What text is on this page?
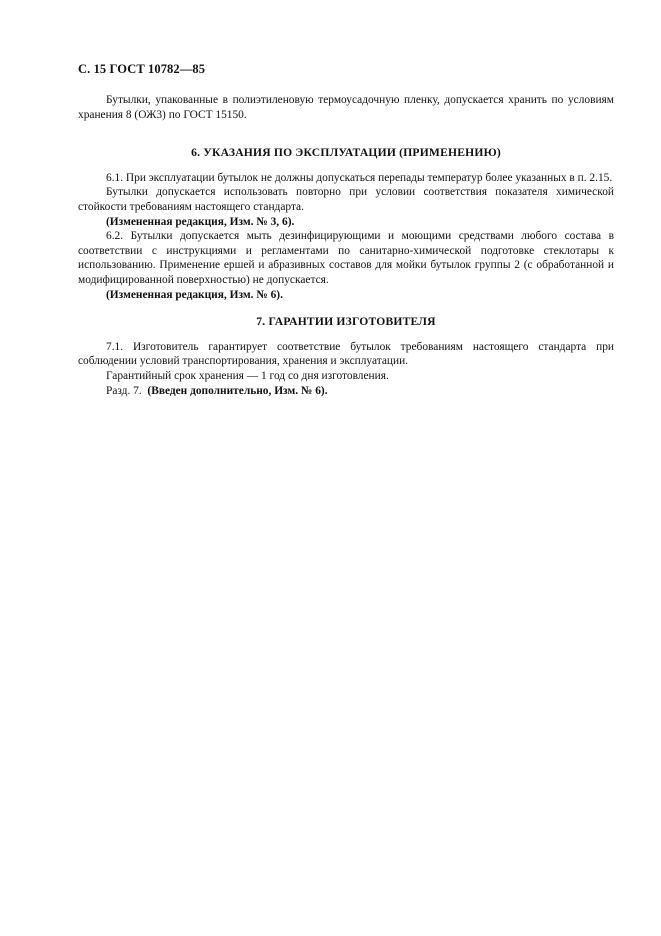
С. 15 ГОСТ 10782—85

Бутылки, упакованные в полиэтиленовую термоусадочную пленку, допускается хранить по условиям хранения 8 (ОЖ3) по ГОСТ 15150.

6. УКАЗАНИЯ ПО ЭКСПЛУАТАЦИИ (ПРИМЕНЕНИЮ)

6.1. При эксплуатации бутылок не должны допускаться перепады температур более указанных в п. 2.15.

Бутылки допускается использовать повторно при условии соответствия показателя химической стойкости требованиям настоящего стандарта.

(Измененная редакция, Изм. № 3, 6).

6.2. Бутылки допускается мыть дезинфицирующими и моющими средствами любого состава в соответствии с инструкциями и регламентами по санитарно-химической подготовке стеклотары к использованию. Применение ершей и абразивных составов для мойки бутылок группы 2 (с обработанной и модифицированной поверхностью) не допускается.

(Измененная редакция, Изм. № 6).

7. ГАРАНТИИ ИЗГОТОВИТЕЛЯ

7.1. Изготовитель гарантирует соответствие бутылок требованиям настоящего стандарта при соблюдении условий транспортирования, хранения и эксплуатации.

Гарантийный срок хранения — 1 год со дня изготовления.

Разд. 7. (Введен дополнительно, Изм. № 6).
